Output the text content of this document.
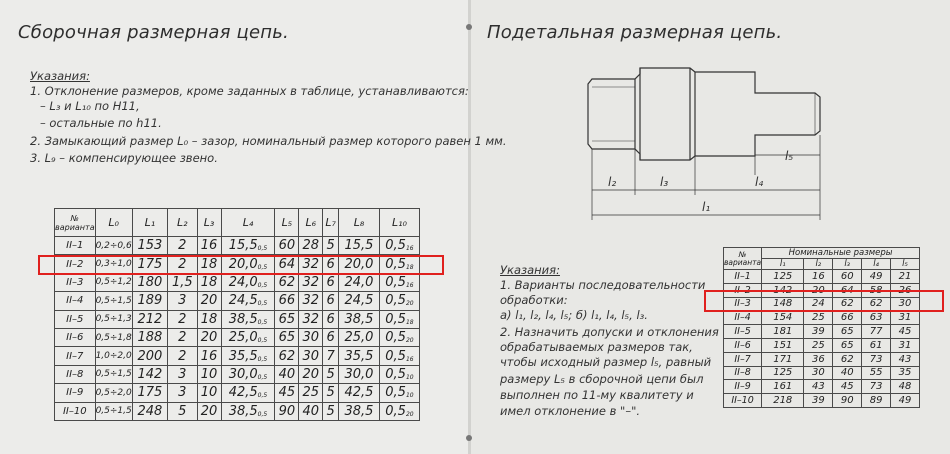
Сборочная размерная цепь.
Указания:
1. Отклонение размеров, кроме заданных в таблице, устанавливаются:
– L₃ и L₁₀ по H11,
– остальные по h11.
2. Замыкающий размер L₀ – зазор, номинальный размер которого равен 1 мм.
3. L₉ – компенсирующее звено.
№ варианта	L₀	L₁	L₂	L₃	L₄	L₅	L₆	L₇	L₈	L₁₀
II–1	0,2÷0,6	153	2	16	15,50,5	60	28	5	15,5	0,516
II–2	0,3÷1,0	175	2	18	20,00,5	64	32	6	20,0	0,518
II–3	0,5÷1,2	180	1,5	18	24,00,5	62	32	6	24,0	0,516
II–4	0,5÷1,5	189	3	20	24,50,5	66	32	6	24,5	0,520
II–5	0,5÷1,3	212	2	18	38,50,5	65	32	6	38,5	0,518
II–6	0,5÷1,8	188	2	20	25,00,5	65	30	6	25,0	0,520
II–7	1,0÷2,0	200	2	16	35,50,5	62	30	7	35,5	0,516
II–8	0,5÷1,5	142	3	10	30,00,5	40	20	5	30,0	0,510
II–9	0,5÷2,0	175	3	10	42,50,5	45	25	5	42,5	0,510
II–10	0,5÷1,5	248	5	20	38,50,5	90	40	5	38,5	0,520
Подетальная размерная цепь.
l₅
l₂	l₃	l₄
l₁
Указания:
1. Варианты последовательности
обработки:
а) l₁, l₂, l₄, l₅; б) l₁, l₄, l₅, l₃.
2. Назначить допуски и отклонения
обрабатываемых размеров так,
чтобы исходный размер l₅, равный
размеру L₅ в сборочной цепи был
выполнен по 11-му квалитету и
имел отклонение в "–".
№ варианта	Номинальные размеры				
	l₁	l₂	l₃	l₄	l₅
II–1	125	16	60	49	21
II–2	142	20	64	58	26
II–3	148	24	62	62	30
II–4	154	25	66	63	31
II–5	181	39	65	77	45
II–6	151	25	65	61	31
II–7	171	36	62	73	43
II–8	125	30	40	55	35
II–9	161	43	45	73	48
II–10	218	39	90	89	49
